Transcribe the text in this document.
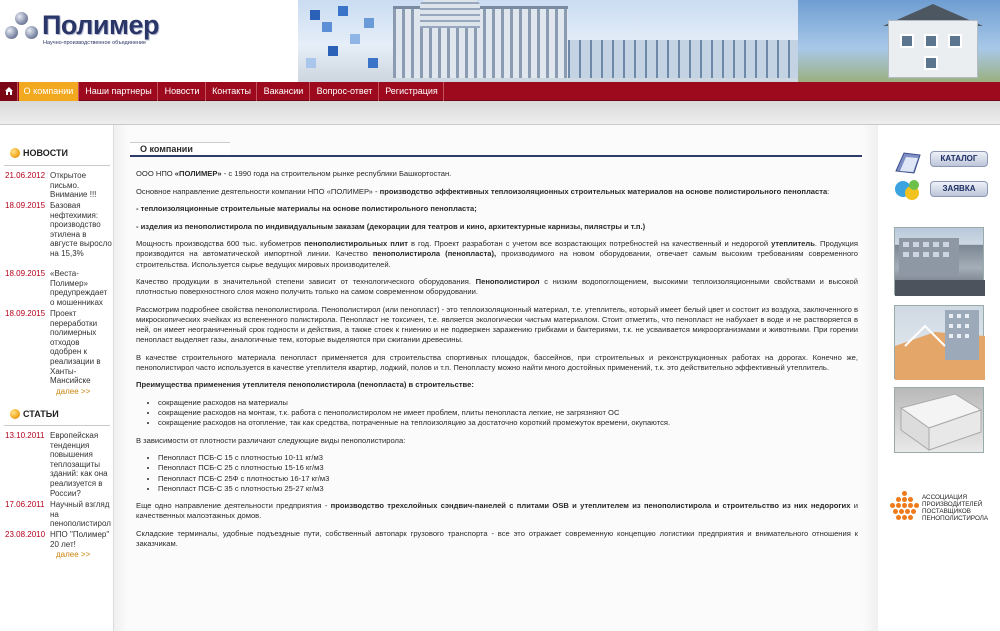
Полимер
Научно-производственное объединение
О компании	Наши партнеры	Новости	Контакты	Вакансии	Вопрос-ответ	Регистрация
НОВОСТИ
21.06.2012 Открытое письмо. Внимание !!!
18.09.2015 Базовая нефтехимия: производство этилена в августе выросло на 15,3%
18.09.2015 «Веста-Полимер» предупреждает о мошенниках
18.09.2015 Проект переработки полимерных отходов одобрен к реализации в Ханты-Мансийске
далее >>
СТАТЬИ
13.10.2011 Европейская тенденция повышения теплозащиты зданий: как она реализуется в России?
17.06.2011 Научный взгляд на пенополистирол
23.08.2010 НПО "Полимер" 20 лет!
далее >>
О компании

ООО НПО «ПОЛИМЕР» - с 1990 года на строительном рынке республики Башкортостан.

Основное направление деятельности компании НПО «ПОЛИМЕР» - производство эффективных теплоизоляционных строительных материалов на основе полистирольного пенопласта:

- теплоизоляционные строительные материалы на основе полистирольного пенопласта;

- изделия из пенополистирола по индивидуальным заказам (декорации для театров и кино, архитектурные карнизы, пилястры и т.п.)

Мощность производства 600 тыс. кубометров пенополистирольных плит в год. Проект разработан с учетом все возрастающих потребностей на качественный и недорогой утеплитель. Продукция производится на автоматической импортной линии. Качество пенополистирола (пенопласта), производимого на новом оборудовании, отвечает самым высоким требованиям современного строительства. Используется сырье ведущих мировых производителей.

Качество продукции в значительной степени зависит от технологического оборудования. Пенополистирол с низким водопоглощением, высокими теплоизоляционными свойствами и высокой плотностью поверхностного слоя можно получить только на самом современном оборудовании.

Рассмотрим подробнее свойства пенополистирола. Пенополистирол (или пенопласт) - это теплоизоляционный материал, т.е. утеплитель, который имеет белый цвет и состоит из воздуха, заключенного в микроскопических ячейках из вспененного полистирола. Пенопласт не токсичен, т.е. является экологически чистым материалом. Стоит отметить, что пенопласт не набухает в воде и не растворяется в ней, он имеет неограниченный срок годности и действия, а также стоек к гниению и не подвержен заражению грибками и бактериями, т.к. не усваивается микроорганизмами и животными. При горении пенопласт выделяет газы, аналогичные тем, которые выделяются при сжигании древесины.

В качестве строительного материала пенопласт применяется для строительства спортивных площадок, бассейнов, при строительных и реконструкционных работах на дорогах. Конечно же, пенополистирол часто используется в качестве утеплителя квартир, лоджий, полов и т.п. Пенопласту можно найти много достойных применений, т.к. это действительно эффективный утеплитель.

Преимущества применения утеплителя пенополистирола (пенопласта) в строительстве:

• сокращение расходов на материалы
• сокращение расходов на монтаж, т.к. работа с пенополистиролом не имеет проблем, плиты пенопласта легкие, не загрязняют ОС
• сокращение расходов на отопление, так как средства, потраченные на теплоизоляцию за достаточно короткий промежуток времени, окупаются.

В зависимости от плотности различают следующие виды пенополистирола:

• Пенопласт ПСБ-С 15 с плотностью 10-11 кг/м3
• Пенопласт ПСБ-С 25 с плотностью 15-16 кг/м3
• Пенопласт ПСБ-С 25Ф с плотностью 16-17 кг/м3
• Пенопласт ПСБ-С 35 с плотностью 25-27 кг/м3

Еще одно направление деятельности предприятия - производство трехслойных сэндвич-панелей с плитами OSB и утеплителем из пенополистирола и строительство из них недорогих и качественных малоэтажных домов.

Складские терминалы, удобные подъездные пути, собственный автопарк грузового транспорта - все это отражает современную концепцию логистики предприятия и внимательного отношения к заказчикам.

КАТАЛОГ
ЗАЯВКА
АССОЦИАЦИЯ
ПРОИЗВОДИТЕЛЕЙ
ПОСТАВЩИКОВ
ПЕНОПОЛИСТИРОЛА
